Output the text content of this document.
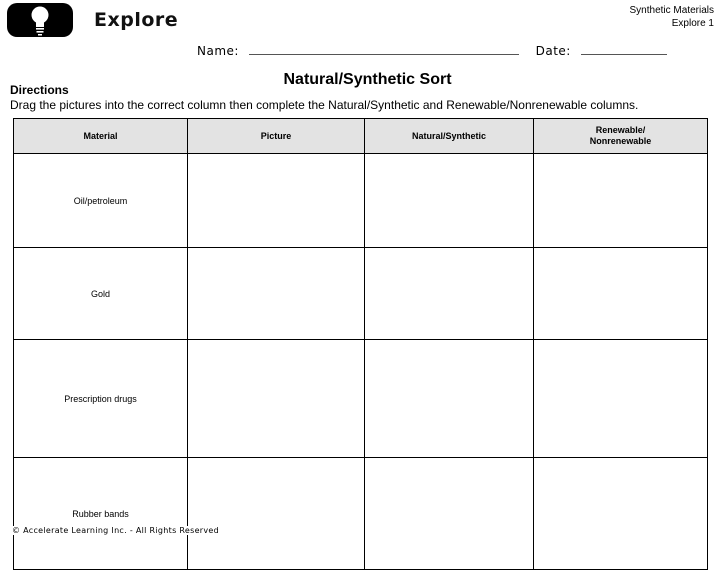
Explore	Synthetic Materials
Explore 1
Name:	Date:
Natural/Synthetic Sort
Directions
Drag the pictures into the correct column then complete the Natural/Synthetic and Renewable/Nonrenewable columns.
Material	Picture	Natural/Synthetic	Renewable/
Nonrenewable
Oil/petroleum			
Gold			
Prescription drugs			
Rubber bands			
© Accelerate Learning Inc. - All Rights Reserved
